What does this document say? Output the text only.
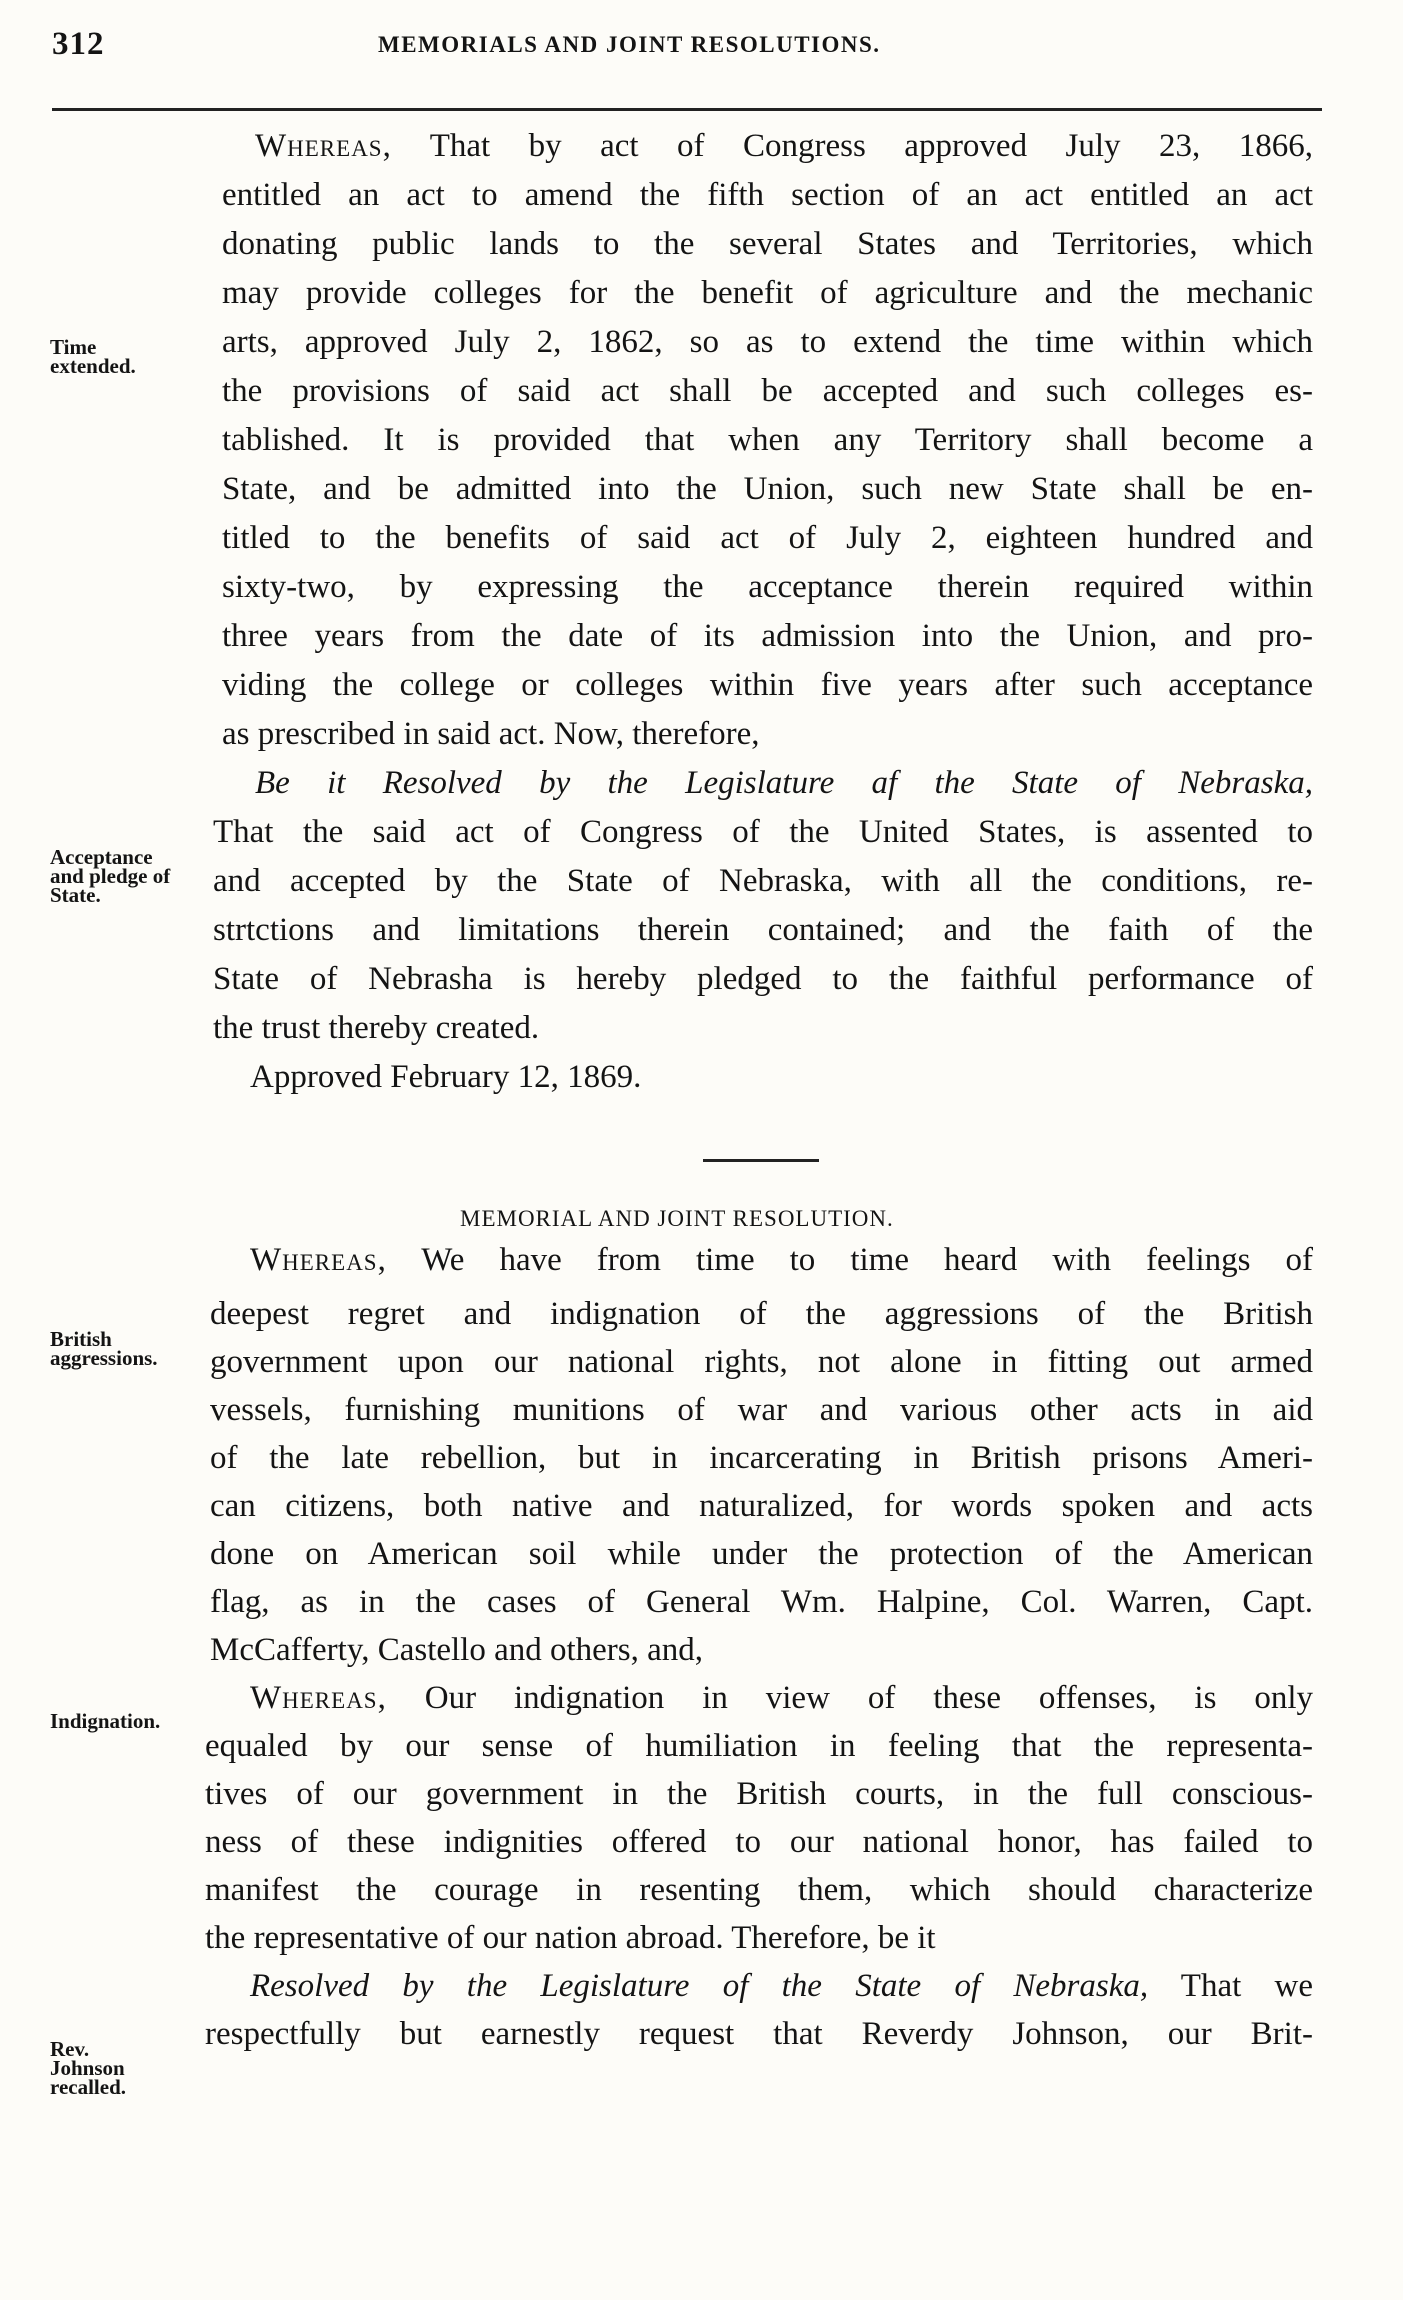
312	MEMORIALS AND JOINT RESOLUTIONS.
Time extended.
Acceptance and pledge of State.
British aggressions.
Indignation.
Rev. Johnson recalled.
Whereas, That by act of Congress approved July 23, 1866,
entitled an act to amend the fifth section of an act entitled an act
donating public lands to the several States and Territories, which
may provide colleges for the benefit of agriculture and the mechanic
arts, approved July 2, 1862, so as to extend the time within which
the provisions of said act shall be accepted and such colleges es-
tablished. It is provided that when any Territory shall become a
State, and be admitted into the Union, such new State shall be en-
titled to the benefits of said act of July 2, eighteen hundred and
sixty-two, by expressing the acceptance therein required within
three years from the date of its admission into the Union, and pro-
viding the college or colleges within five years after such acceptance
as prescribed in said act. Now, therefore,
Be it Resolved by the Legislature af the State of Nebraska,
That the said act of Congress of the United States, is assented to
and accepted by the State of Nebraska, with all the conditions, re-
strtctions and limitations therein contained; and the faith of the
State of Nebrasha is hereby pledged to the faithful performance of
the trust thereby created.
Approved February 12, 1869.
MEMORIAL AND JOINT RESOLUTION.
Whereas, We have from time to time heard with feelings of
deepest regret and indignation of the aggressions of the British
government upon our national rights, not alone in fitting out armed
vessels, furnishing munitions of war and various other acts in aid
of the late rebellion, but in incarcerating in British prisons Ameri-
can citizens, both native and naturalized, for words spoken and acts
done on American soil while under the protection of the American
flag, as in the cases of General Wm. Halpine, Col. Warren, Capt.
McCafferty, Castello and others, and,
Whereas, Our indignation in view of these offenses, is only
equaled by our sense of humiliation in feeling that the representa-
tives of our government in the British courts, in the full conscious-
ness of these indignities offered to our national honor, has failed to
manifest the courage in resenting them, which should characterize
the representative of our nation abroad. Therefore, be it
Resolved by the Legislature of the State of Nebraska, That we
respectfully but earnestly request that Reverdy Johnson, our Brit-
